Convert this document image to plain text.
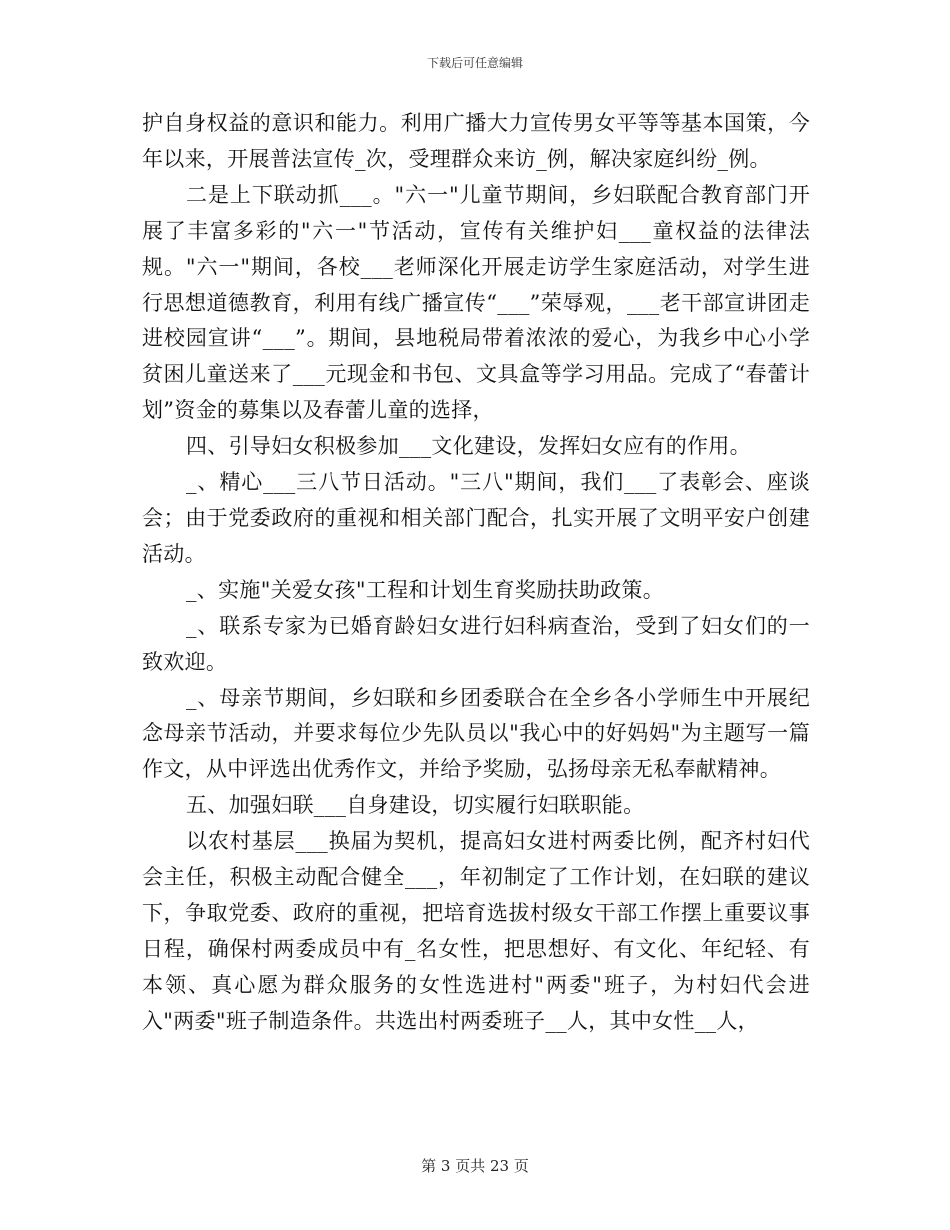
下载后可任意编辑

护自身权益的意识和能力。利用广播大力宣传男女平等等基本国策，今年以来，开展普法宣传_次，受理群众来访_例，解决家庭纠纷_例。

二是上下联动抓___。"六一"儿童节期间，乡妇联配合教育部门开展了丰富多彩的"六一"节活动，宣传有关维护妇___童权益的法律法规。"六一"期间，各校___老师深化开展走访学生家庭活动，对学生进行思想道德教育，利用有线广播宣传“___”荣辱观，___老干部宣讲团走进校园宣讲“___”。期间，县地税局带着浓浓的爱心，为我乡中心小学贫困儿童送来了___元现金和书包、文具盒等学习用品。完成了“春蕾计划”资金的募集以及春蕾儿童的选择，

四、引导妇女积极参加___文化建设，发挥妇女应有的作用。

_、精心___三八节日活动。"三八"期间，我们___了表彰会、座谈会；由于党委政府的重视和相关部门配合，扎实开展了文明平安户创建活动。

_、实施"关爱女孩"工程和计划生育奖励扶助政策。

_、联系专家为已婚育龄妇女进行妇科病查治，受到了妇女们的一致欢迎。

_、母亲节期间，乡妇联和乡团委联合在全乡各小学师生中开展纪念母亲节活动，并要求每位少先队员以"我心中的好妈妈"为主题写一篇作文，从中评选出优秀作文，并给予奖励，弘扬母亲无私奉献精神。

五、加强妇联___自身建设，切实履行妇联职能。

以农村基层___换届为契机，提高妇女进村两委比例，配齐村妇代会主任，积极主动配合健全___，年初制定了工作计划，在妇联的建议下，争取党委、政府的重视，把培育选拔村级女干部工作摆上重要议事日程，确保村两委成员中有_名女性，把思想好、有文化、年纪轻、有本领、真心愿为群众服务的女性选进村"两委"班子，为村妇代会进入"两委"班子制造条件。共选出村两委班子__人，其中女性__人，

第 3 页共 23 页
